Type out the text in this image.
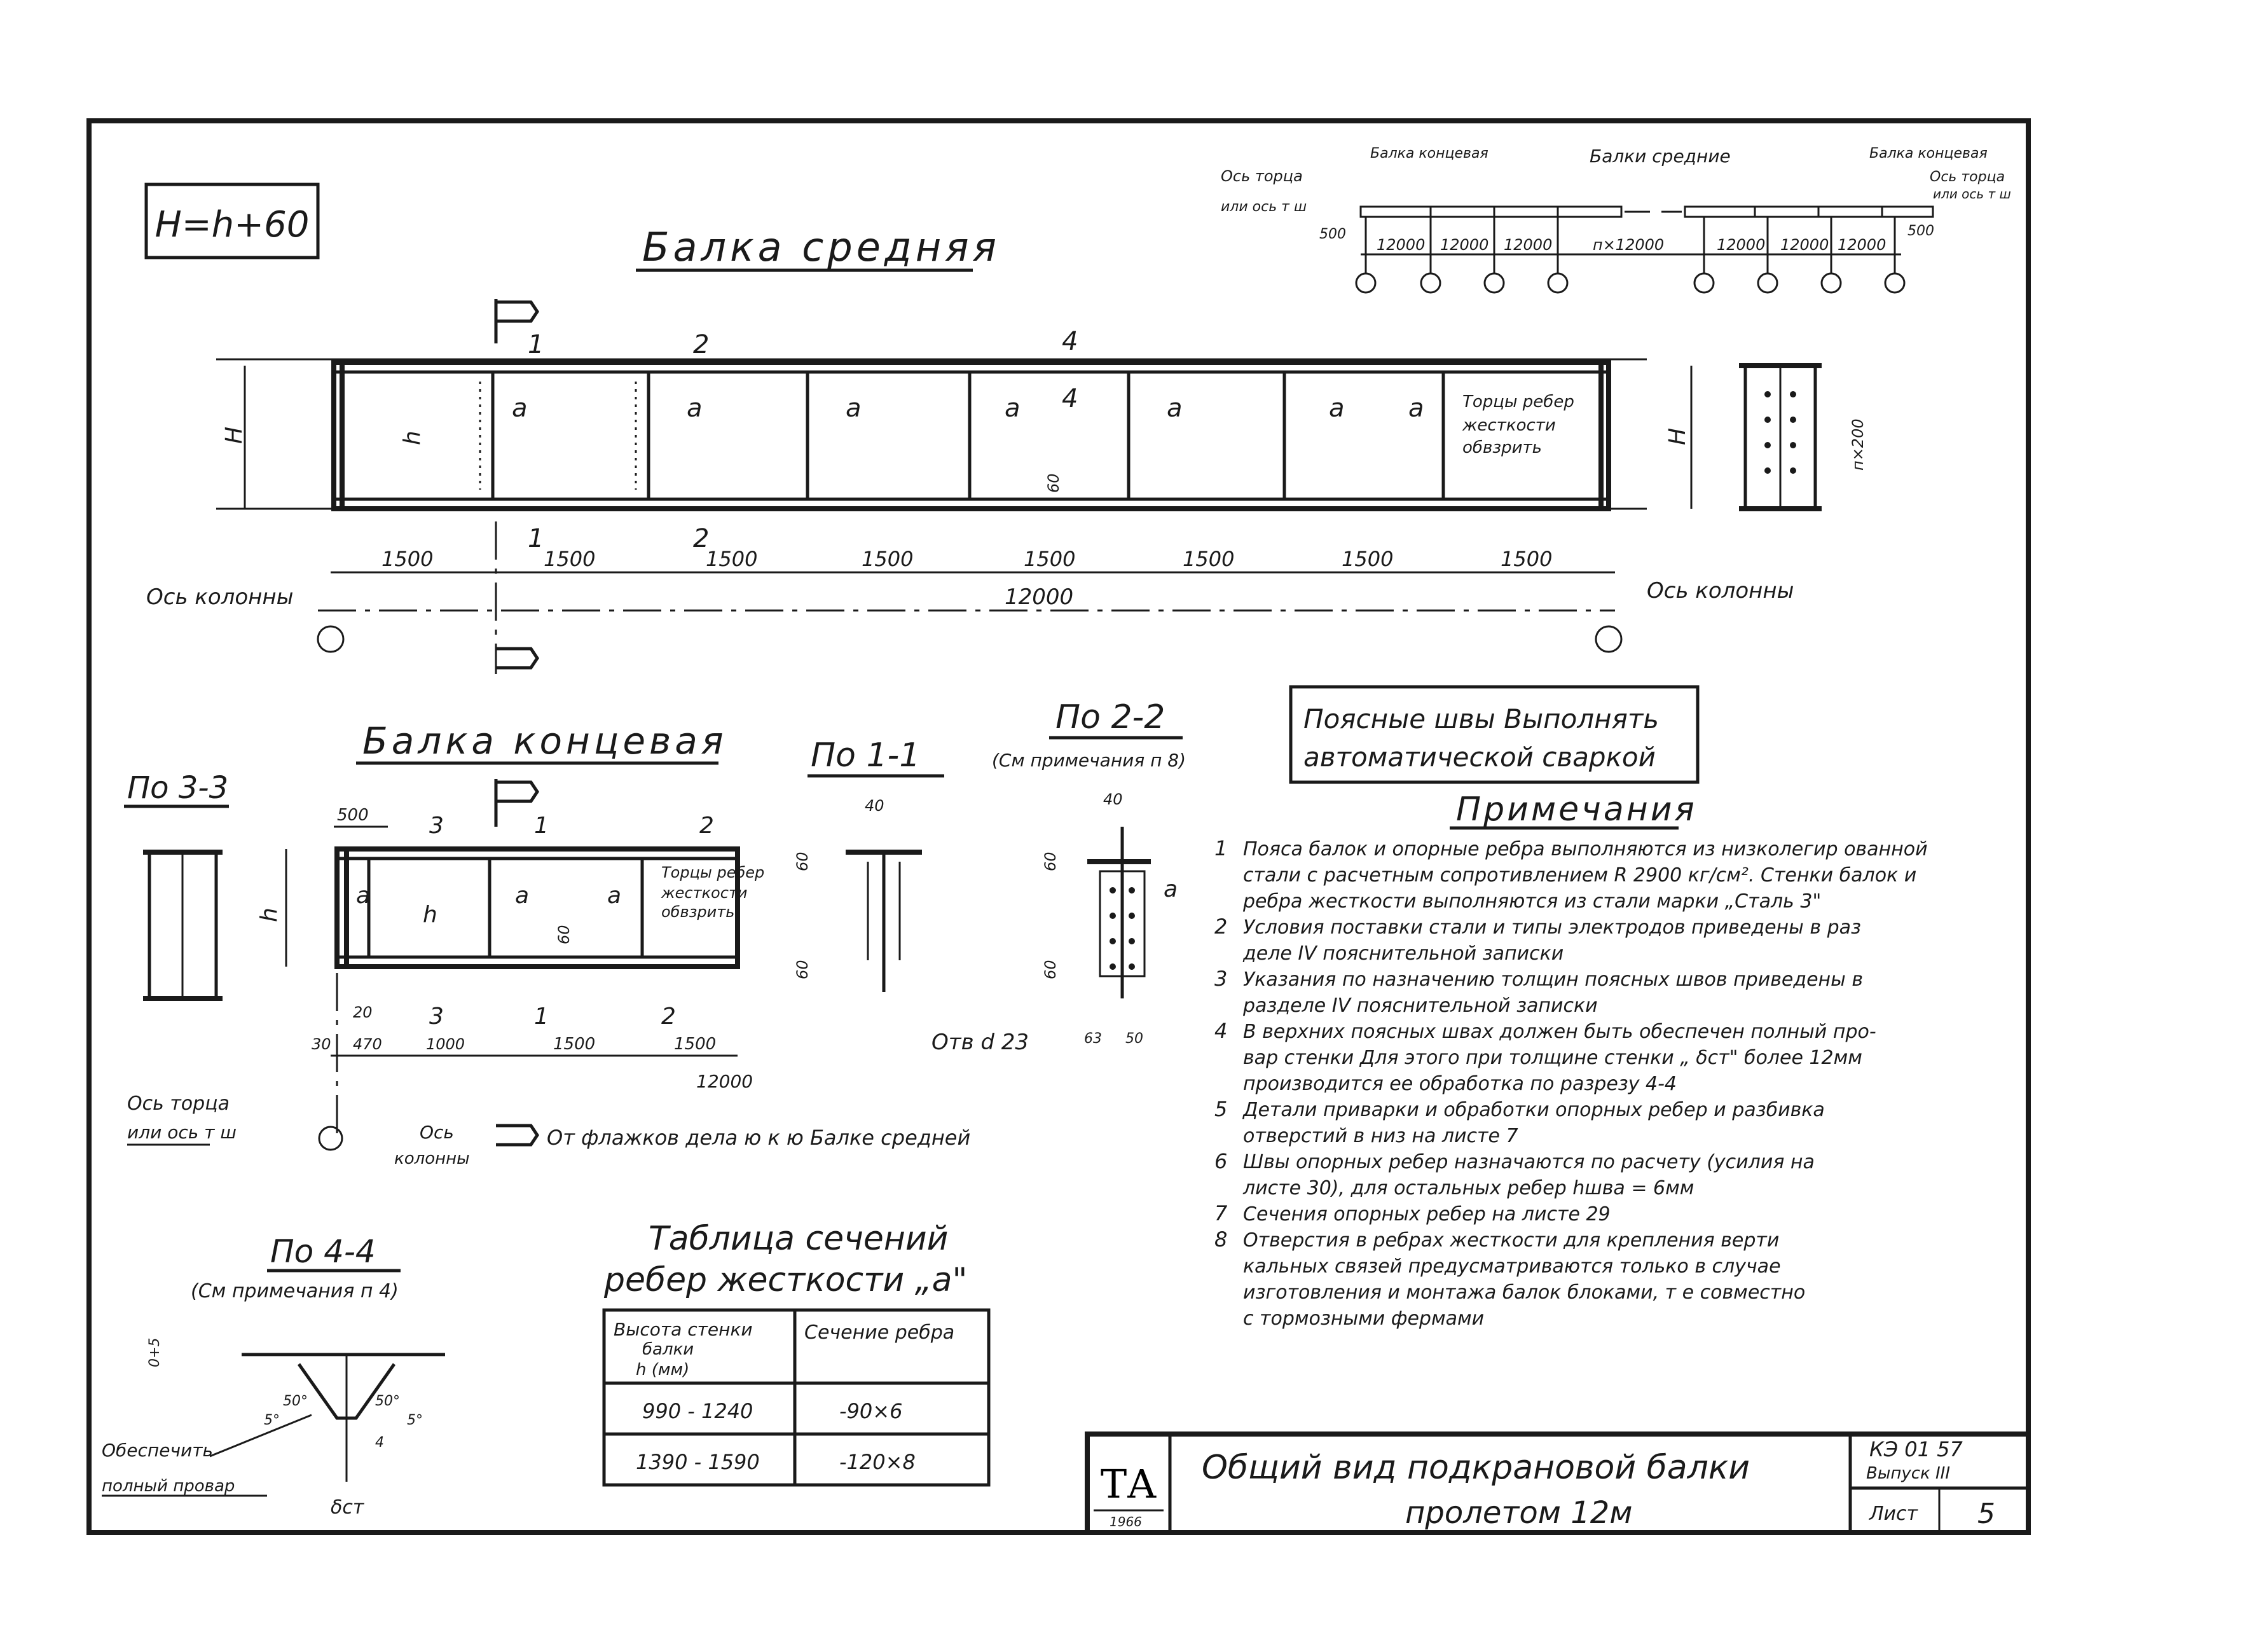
H=h+60	Балка средняя
Балка концевая	Балки средние	Балка концевая
Ось торца
или ось т ш
Ось торца
или ось т ш
500	500
12000 12000 12000	п×12000	12000 12000 12000
a	a	a	a	a	a	a Торцы ребер
жесткости
обвзрить
H	h
60
1	2	4
4
1	2
H	п×200
1500	1500	1500	1500	1500	1500	1500	1500
12000
Ось колонны	Ось колонны
Поясные швы Выполнять
автоматической сваркой
Балка концевая
a	a	a
h
60
Торцы ребер
жесткости
обвзрить
500	3	1	2
3	1	2
h
20
30 470	1000	1500	1500
12000
Ось торца
или ось т ш	Ось
колонны
От флажков дела ю к ю Балке средней
По 3-3
По 1-1
40
60
60
Отв d 23
По 2-2
(См примечания п 8)
40
a
60
60
63 50
Примечания
1 Пояса балок и опорные ребра выполняются из низколегир ованной
стали с расчетным сопротивлением R 2900 кг/см². Стенки балок и
ребра жесткости выполняются из стали марки „Сталь 3"
2 Условия поставки стали и типы электродов приведены в раз
деле IV пояснительной записки
3 Указания по назначению толщин поясных швов приведены в
разделе IV пояснительной записки
4 В верхних поясных швах должен быть обеспечен полный про-
вар стенки Для этого при толщине стенки „ δст" более 12мм
производится ее обработка по разрезу 4-4
5 Детали приварки и обработки опорных ребер и разбивка
отверстий в низ на листе 7
6 Швы опорных ребер назначаются по расчету (усилия на
листе 30), для остальных ребер hшва = 6мм
7 Сечения опорных ребер на листе 29
8 Отверстия в ребрах жесткости для крепления верти
кальных связей предусматриваются только в случае
изготовления и монтажа балок блоками, т е совместно
с тормозными фермами
По 4-4
(См примечания п 4)
50°	50°
0+5
4
5°	5°
δст
Обеспечить
полный провар
Таблица сечений
ребер жесткости „а"
Высота стенки
балки
h (мм)
Сечение ребра
990 - 1240	-90×6
1390 - 1590	-120×8	ТА
1966
Общий вид подкрановой балки
пролетом 12м
КЭ 01 57
Выпуск III
Лист 5
